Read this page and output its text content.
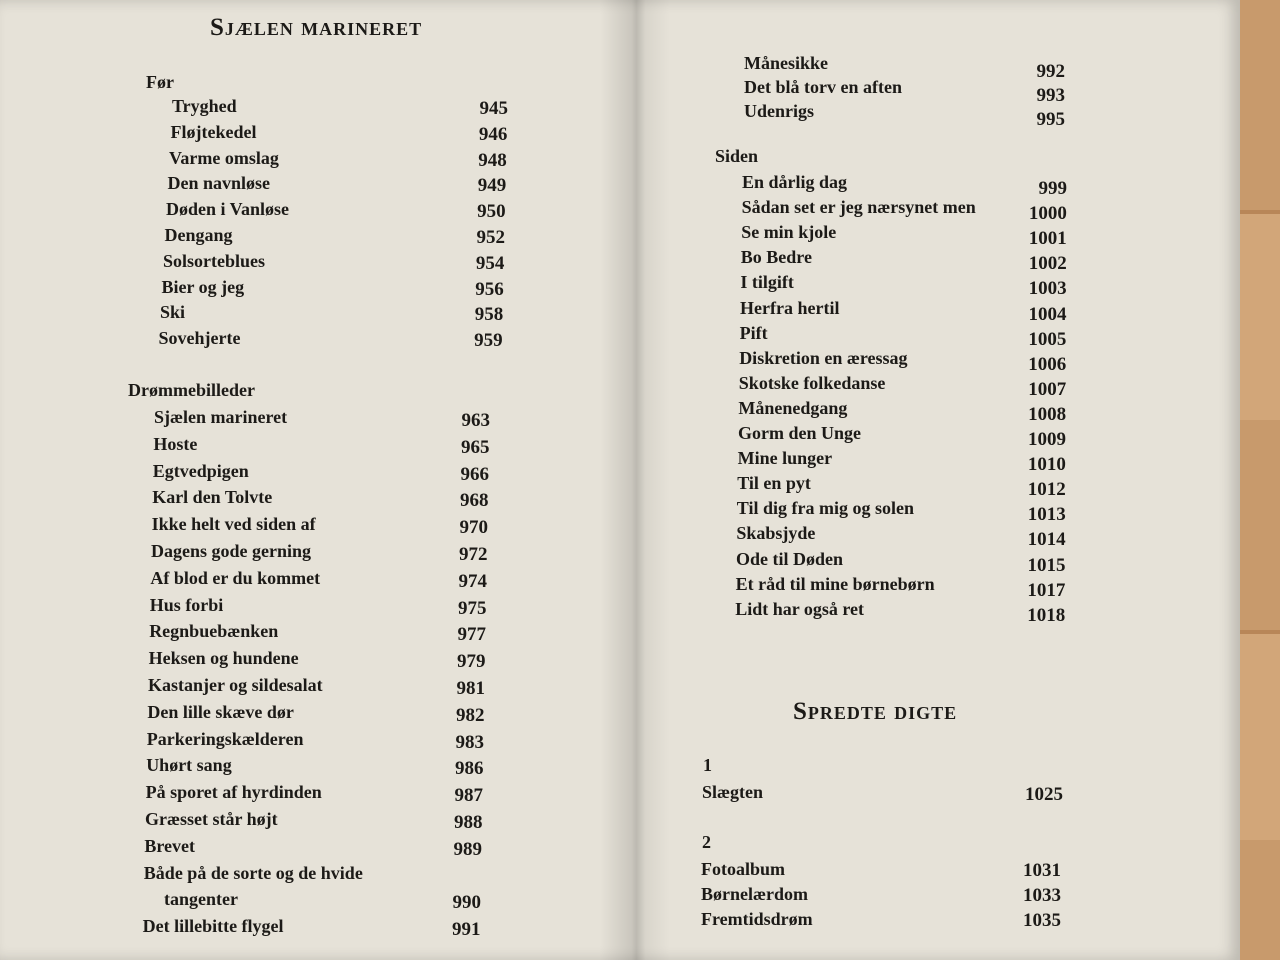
Sjælen marineret
Før
Tryghed	945
Fløjtekedel	946
Varme omslag	948
Den navnløse	949
Døden i Vanløse	950
Dengang	952
Solsorteblues	954
Bier og jeg	956
Ski	958
Sovehjerte	959
Drømmebilleder
Sjælen marineret	963
Hoste	965
Egtvedpigen	966
Karl den Tolvte	968
Ikke helt ved siden af	970
Dagens gode gerning	972
Af blod er du kommet	974
Hus forbi	975
Regnbuebænken	977
Heksen og hundene	979
Kastanjer og sildesalat	981
Den lille skæve dør	982
Parkeringskælderen	983
Uhørt sang	986
På sporet af hyrdinden	987
Græsset står højt	988
Brevet	989
Både på de sorte og de hvide
tangenter	990
Det lillebitte flygel	991
Spredte digte
Månesikke	992
Det blå torv en aften	993
Udenrigs	995
Siden
En dårlig dag	999
Sådan set er jeg nærsynet men	1000
Se min kjole	1001
Bo Bedre	1002
I tilgift	1003
Herfra hertil	1004
Pift	1005
Diskretion en æressag	1006
Skotske folkedanse	1007
Månenedgang	1008
Gorm den Unge	1009
Mine lunger	1010
Til en pyt	1012
Til dig fra mig og solen	1013
Skabsjyde	1014
Ode til Døden	1015
Et råd til mine børnebørn	1017
Lidt har også ret	1018
1
Slægten	1025
2
Fotoalbum	1031
Børnelærdom	1033
Fremtidsdrøm	1035
